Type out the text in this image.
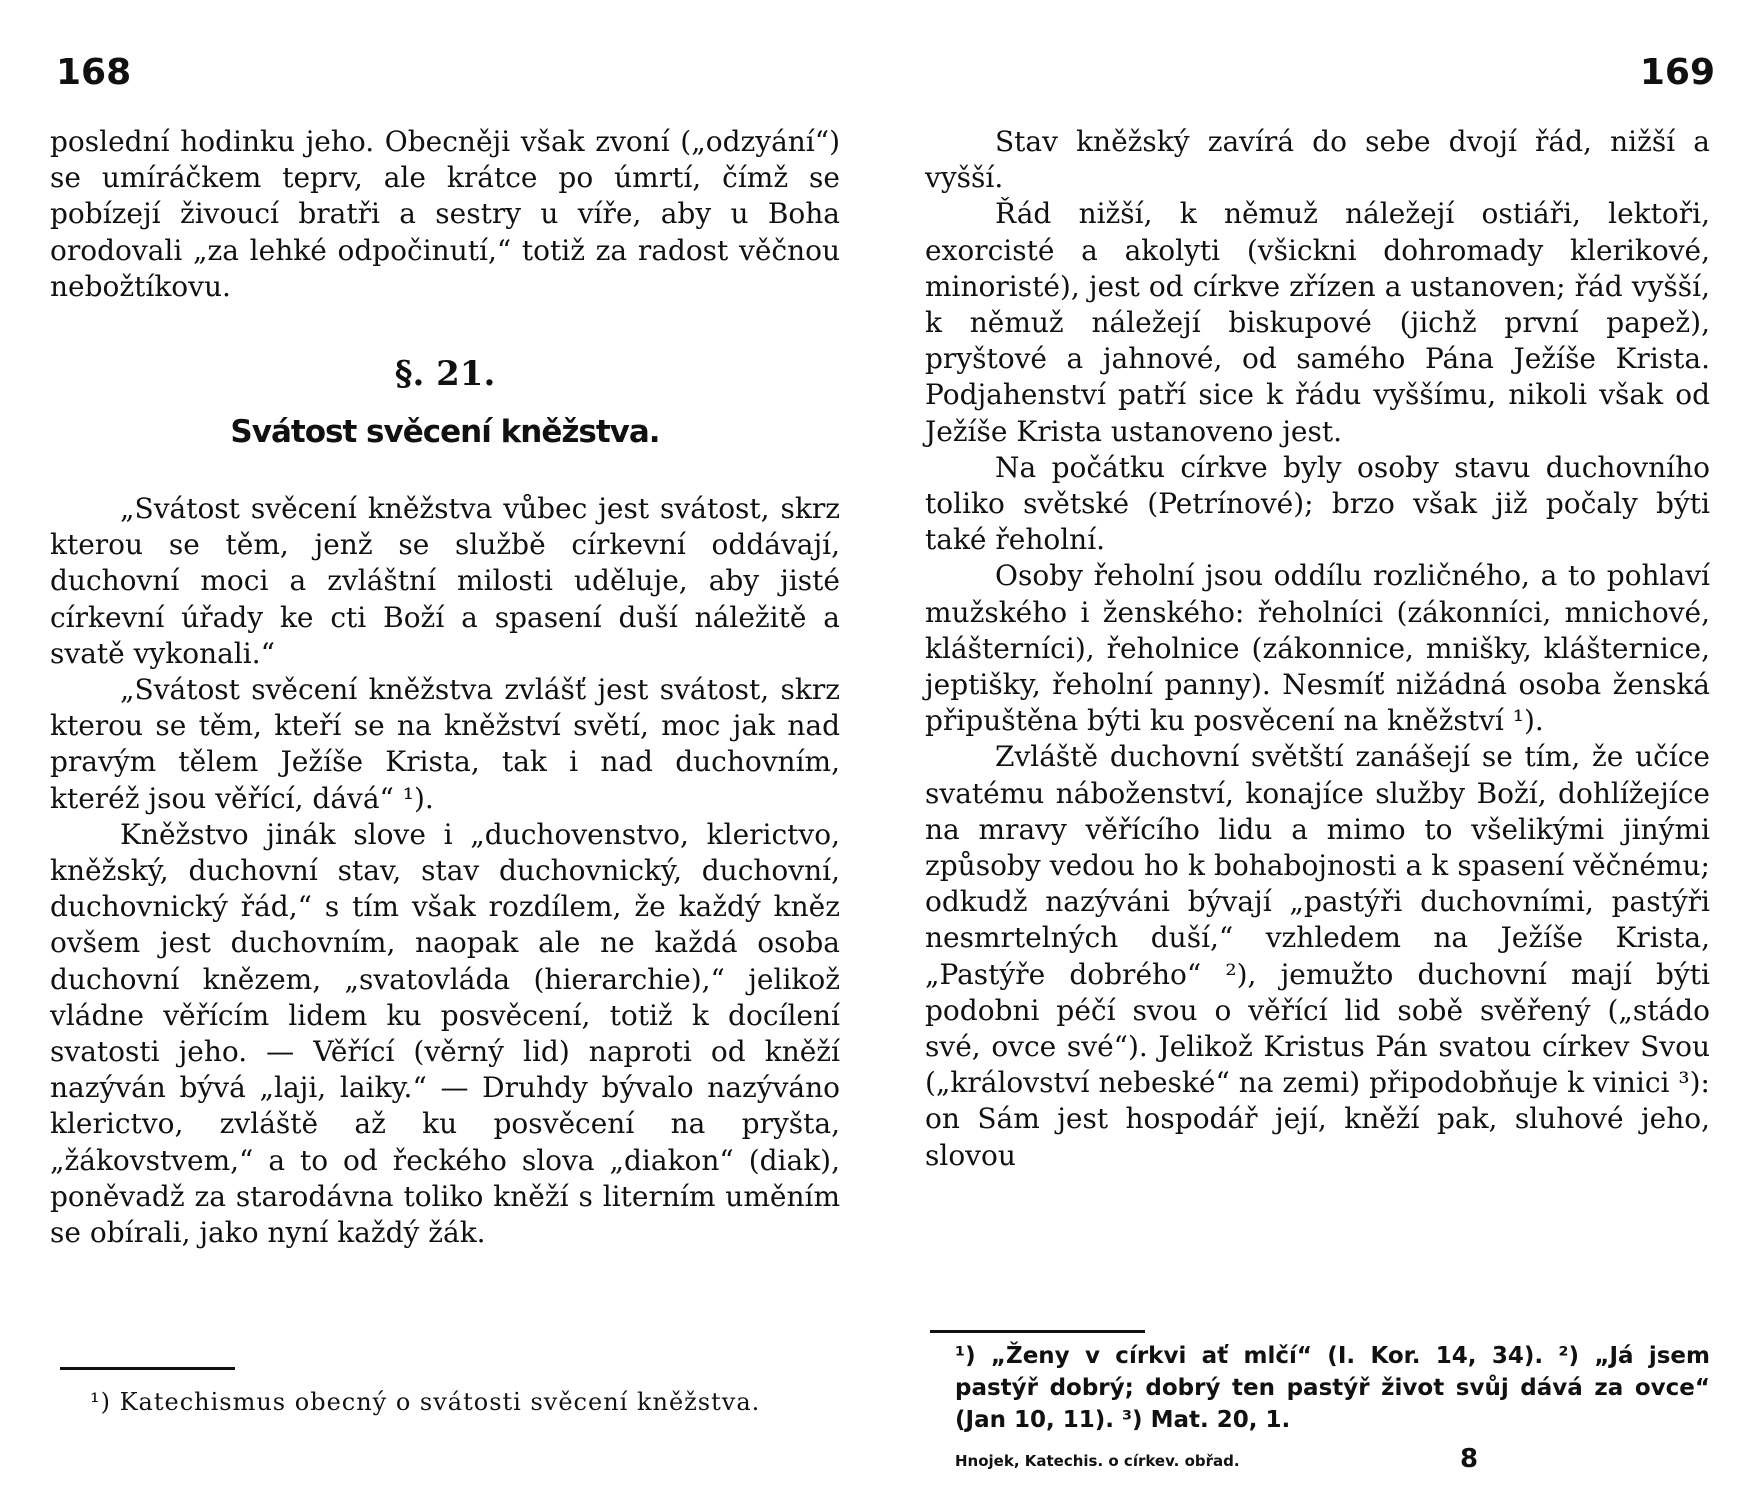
168

poslední hodinku jeho. Obecněji však zvoní („odzyání“) se umíráčkem teprv, ale krátce po úmrtí, čímž se pobízejí živoucí bratři a sestry u víře, aby u Boha orodovali „za lehké odpočinutí,“ totiž za radost věčnou nebožtíkovu.

§. 21.

Svátost svěcení kněžstva.

„Svátost svěcení kněžstva vůbec jest svátost, skrz kterou se těm, jenž se službě církevní oddávají, duchovní moci a zvláštní milosti uděluje, aby jisté církevní úřady ke cti Boží a spasení duší náležitě a svatě vykonali.“

„Svátost svěcení kněžstva zvlášť jest svátost, skrz kterou se těm, kteří se na kněžství světí, moc jak nad pravým tělem Ježíše Krista, tak i nad duchovním, kteréž jsou věřící, dává“ ¹).

Kněžstvo jinák slove i „duchovenstvo, klerictvo, kněžský, duchovní stav, stav duchovnický, duchovní, duchovnický řád,“ s tím však rozdílem, že každý kněz ovšem jest duchovním, naopak ale ne každá osoba duchovní knězem, „svatovláda (hierarchie),“ jelikož vládne věřícím lidem ku posvěcení, totiž k docílení svatosti jeho. — Věřící (věrný lid) naproti od kněží nazýván bývá „laji, laiky.“ — Druhdy bývalo nazýváno klerictvo, zvláště až ku posvěcení na pryšta, „žákovstvem,“ a to od řeckého slova „diakon“ (diak), poněvadž za starodávna toliko kněží s literním uměním se obírali, jako nyní každý žák.

¹) Katechismus obecný o svátosti svěcení kněžstva.
169

Stav kněžský zavírá do sebe dvojí řád, nižší a vyšší.

Řád nižší, k němuž náležejí ostiáři, lektoři, exorcisté a akolyti (všickni dohromady klerikové, minoristé), jest od církve zřízen a ustanoven; řád vyšší, k němuž náležejí biskupové (jichž první papež), pryštové a jahnové, od samého Pána Ježíše Krista. Podjahenství patří sice k řádu vyššímu, nikoli však od Ježíše Krista ustanoveno jest.

Na počátku církve byly osoby stavu duchovního toliko světské (Petrínové); brzo však již počaly býti také řeholní.

Osoby řeholní jsou oddílu rozličného, a to pohlaví mužského i ženského: řeholníci (zákonníci, mnichové, klášterníci), řeholnice (zákonnice, mnišky, klášternice, jeptišky, řeholní panny). Nesmíť nižádná osoba ženská připuštěna býti ku posvěcení na kněžství ¹).

Zvláště duchovní světští zanášejí se tím, že učíce svatému náboženství, konajíce služby Boží, dohlížejíce na mravy věřícího lidu a mimo to všelikými jinými způsoby vedou ho k bohabojnosti a k spasení věčnému; odkudž nazýváni bývají „pastýři duchovními, pastýři nesmrtelných duší,“ vzhledem na Ježíše Krista, „Pastýře dobrého“ ²), jemužto duchovní mají býti podobni péčí svou o věřící lid sobě svěřený („stádo své, ovce své“). Jelikož Kristus Pán svatou církev Svou („království nebeské“ na zemi) připodobňuje k vinici ³): on Sám jest hospodář její, kněží pak, sluhové jeho, slovou

¹) „Ženy v církvi ať mlčí“ (I. Kor. 14, 34). ²) „Já jsem pastýř dobrý; dobrý ten pastýř život svůj dává za ovce“ (Jan 10, 11). ³) Mat. 20, 1.
Hnojek, Katechis. o církev. obřad.	8
